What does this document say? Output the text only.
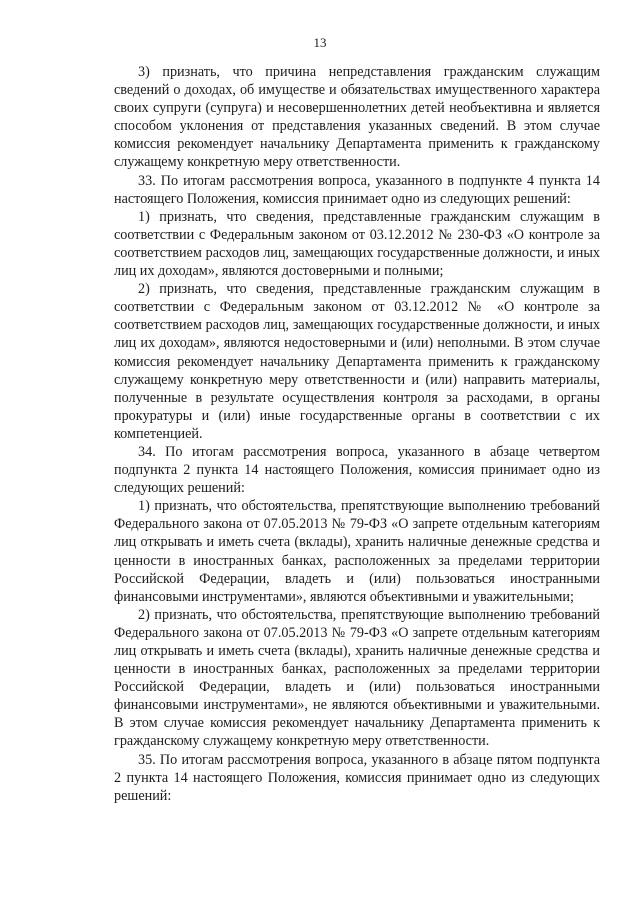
13

3) признать, что причина непредставления гражданским служащим сведений о доходах, об имуществе и обязательствах имущественного характера своих супруги (супруга) и несовершеннолетних детей необъективна и является способом уклонения от представления указанных сведений. В этом случае комиссия рекомендует начальнику Департамента применить к гражданскому служащему конкретную меру ответственности.

33. По итогам рассмотрения вопроса, указанного в подпункте 4 пункта 14 настоящего Положения, комиссия принимает одно из следующих решений:

1) признать, что сведения, представленные гражданским служащим в соответствии с Федеральным законом от 03.12.2012 № 230-ФЗ «О контроле за соответствием расходов лиц, замещающих государственные должности, и иных лиц их доходам», являются достоверными и полными;

2) признать, что сведения, представленные гражданским служащим в соответствии с Федеральным законом от 03.12.2012 № «О контроле за соответствием расходов лиц, замещающих государственные должности, и иных лиц их доходам», являются недостоверными и (или) неполными. В этом случае комиссия рекомендует начальнику Департамента применить к гражданскому служащему конкретную меру ответственности и (или) направить материалы, полученные в результате осуществления контроля за расходами, в органы прокуратуры и (или) иные государственные органы в соответствии с их компетенцией.

34. По итогам рассмотрения вопроса, указанного в абзаце четвертом подпункта 2 пункта 14 настоящего Положения, комиссия принимает одно из следующих решений:

1) признать, что обстоятельства, препятствующие выполнению требований Федерального закона от 07.05.2013 № 79-ФЗ «О запрете отдельным категориям лиц открывать и иметь счета (вклады), хранить наличные денежные средства и ценности в иностранных банках, расположенных за пределами территории Российской Федерации, владеть и (или) пользоваться иностранными финансовыми инструментами», являются объективными и уважительными;

2) признать, что обстоятельства, препятствующие выполнению требований Федерального закона от 07.05.2013 № 79-ФЗ «О запрете отдельным категориям лиц открывать и иметь счета (вклады), хранить наличные денежные средства и ценности в иностранных банках, расположенных за пределами территории Российской Федерации, владеть и (или) пользоваться иностранными финансовыми инструментами», не являются объективными и уважительными. В этом случае комиссия рекомендует начальнику Департамента применить к гражданскому служащему конкретную меру ответственности.

35. По итогам рассмотрения вопроса, указанного в абзаце пятом подпункта 2 пункта 14 настоящего Положения, комиссия принимает одно из следующих решений:
